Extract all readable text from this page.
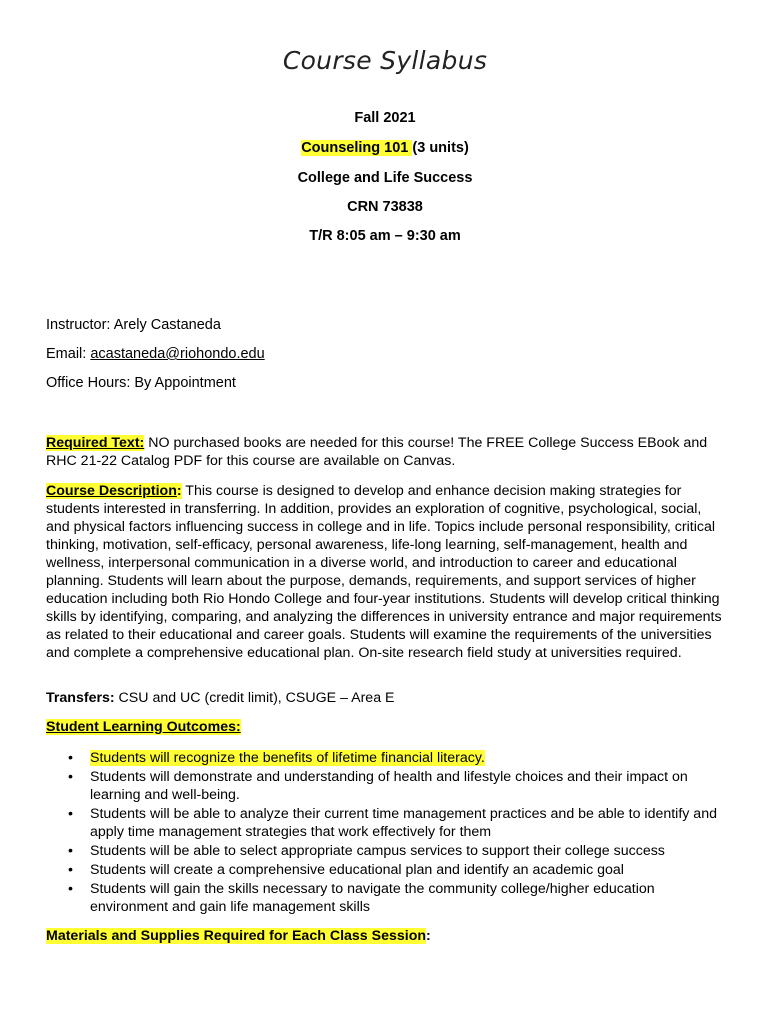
Course Syllabus
Fall 2021
Counseling 101 (3 units)
College and Life Success
CRN 73838
T/R 8:05 am – 9:30 am
Instructor: Arely Castaneda
Email: acastaneda@riohondo.edu
Office Hours: By Appointment
Required Text: NO purchased books are needed for this course! The FREE College Success EBook and RHC 21-22 Catalog PDF for this course are available on Canvas.
Course Description: This course is designed to develop and enhance decision making strategies for students interested in transferring. In addition, provides an exploration of cognitive, psychological, social, and physical factors influencing success in college and in life. Topics include personal responsibility, critical thinking, motivation, self-efficacy, personal awareness, life-long learning, self-management, health and wellness, interpersonal communication in a diverse world, and introduction to career and educational planning. Students will learn about the purpose, demands, requirements, and support services of higher education including both Rio Hondo College and four-year institutions. Students will develop critical thinking skills by identifying, comparing, and analyzing the differences in university entrance and major requirements as related to their educational and career goals. Students will examine the requirements of the universities and complete a comprehensive educational plan. On-site research field study at universities required.
Transfers: CSU and UC (credit limit), CSUGE – Area E
Student Learning Outcomes:
• Students will recognize the benefits of lifetime financial literacy.
• Students will demonstrate and understanding of health and lifestyle choices and their impact on learning and well-being.
• Students will be able to analyze their current time management practices and be able to identify and apply time management strategies that work effectively for them
• Students will be able to select appropriate campus services to support their college success
• Students will create a comprehensive educational plan and identify an academic goal
• Students will gain the skills necessary to navigate the community college/higher education environment and gain life management skills
Materials and Supplies Required for Each Class Session:
